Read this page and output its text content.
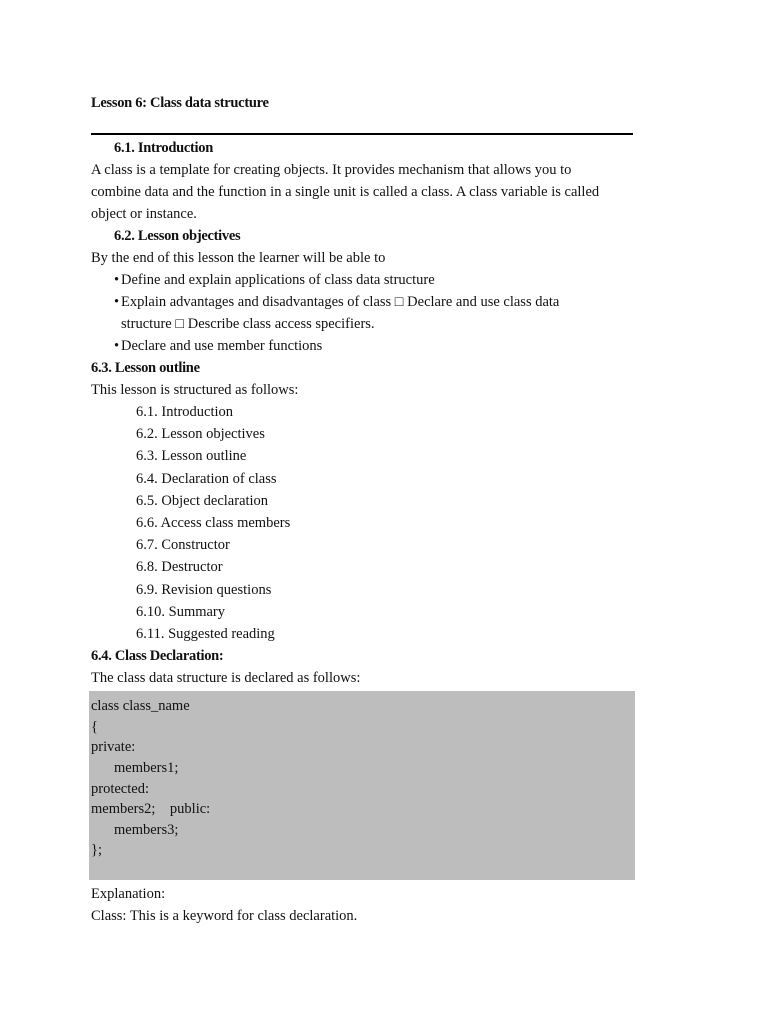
Lesson 6: Class data structure

6.1. Introduction

A class is a template for creating objects. It provides mechanism that allows you to

combine data and the function in a single unit is called a class. A class variable is called

object or instance.

6.2. Lesson objectives

By the end of this lesson the learner will be able to

• Define and explain applications of class data structure
• Explain advantages and disadvantages of class □ Declare and use class data
structure □ Describe class access specifiers.
• Declare and use member functions

6.3. Lesson outline

This lesson is structured as follows:

6.1. Introduction
6.2. Lesson objectives
6.3. Lesson outline
6.4. Declaration of class
6.5. Object declaration
6.6. Access class members
6.7. Constructor
6.8. Destructor
6.9. Revision questions
6.10. Summary
6.11. Suggested reading

6.4. Class Declaration:

The class data structure is declared as follows:

class class_name
{
private:
members1;
protected:
members2;    public:
members3;
};

Explanation:

Class: This is a keyword for class declaration.
